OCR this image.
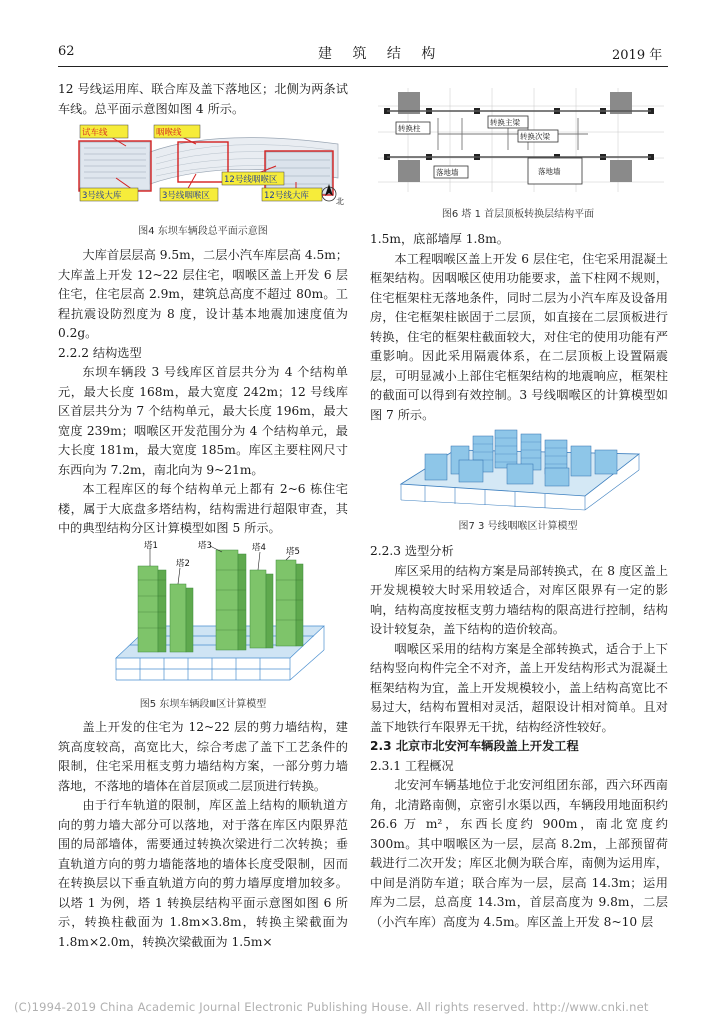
62	建 筑 结 构	2019 年

12 号线运用库、联合库及盖下落地区；北侧为两条试车线。总平面示意图如图 4 所示。

试车线	咽喉线
3号线大库	3号线咽喉区
12号线咽喉区
12号线大库
北
图4 东坝车辆段总平面示意图

大库首层层高 9.5m，二层小汽车库层高 4.5m；大库盖上开发 12~22 层住宅，咽喉区盖上开发 6 层住宅，住宅层高 2.9m，建筑总高度不超过 80m。工程抗震设防烈度为 8 度，设计基本地震加速度值为 0.2g。

2.2.2 结构选型

东坝车辆段 3 号线库区首层共分为 4 个结构单元，最大长度 168m，最大宽度 242m；12 号线库区首层共分为 7 个结构单元，最大长度 196m，最大宽度 239m；咽喉区开发范围分为 4 个结构单元，最大长度 181m，最大宽度 185m。库区主要柱网尺寸东西向为 7.2m，南北向为 9~21m。

本工程库区的每个结构单元上都有 2~6 栋住宅楼，属于大底盘多塔结构，结构需进行超限审查，其中的典型结构分区计算模型如图 5 所示。

塔1
塔2
塔3	塔4 塔5
图5 东坝车辆段Ⅲ区计算模型

盖上开发的住宅为 12~22 层的剪力墙结构，建筑高度较高，高宽比大，综合考虑了盖下工艺条件的限制，住宅采用框支剪力墙结构方案，一部分剪力墙落地，不落地的墙体在首层顶或二层顶进行转换。

由于行车轨道的限制，库区盖上结构的顺轨道方向的剪力墙大部分可以落地，对于落在库区内限界范围的局部墙体，需要通过转换次梁进行二次转换；垂直轨道方向的剪力墙能落地的墙体长度受限制，因而在转换层以下垂直轨道方向的剪力墙厚度增加较多。以塔 1 为例，塔 1 转换层结构平面示意图如图 6 所示，转换柱截面为 1.8m×3.8m，转换主梁截面为 1.8m×2.0m，转换次梁截面为 1.5m×

转换柱
转换主梁
转换次梁
落地墙	落地墙
图6 塔 1 首层顶板转换层结构平面

1.5m，底部墙厚 1.8m。

本工程咽喉区盖上开发 6 层住宅，住宅采用混凝土框架结构。因咽喉区使用功能要求，盖下柱网不规则，住宅框架柱无落地条件，同时二层为小汽车库及设备用房，住宅框架柱嵌固于二层顶，如直接在二层顶板进行转换，住宅的框架柱截面较大，对住宅的使用功能有严重影响。因此采用隔震体系，在二层顶板上设置隔震层，可明显减小上部住宅框架结构的地震响应，框架柱的截面可以得到有效控制。3 号线咽喉区的计算模型如图 7 所示。

图7 3 号线咽喉区计算模型

2.2.3 选型分析

库区采用的结构方案是局部转换式，在 8 度区盖上开发规模较大时采用较适合，对库区限界有一定的影响，结构高度按框支剪力墙结构的限高进行控制，结构设计较复杂，盖下结构的造价较高。

咽喉区采用的结构方案是全部转换式，适合于上下结构竖向构件完全不对齐，盖上开发结构形式为混凝土框架结构为宜，盖上开发规模较小，盖上结构高宽比不易过大，结构布置相对灵活，超限设计相对简单。且对盖下地铁行车限界无干扰，结构经济性较好。

2.3 北京市北安河车辆段盖上开发工程

2.3.1 工程概况

北安河车辆基地位于北安河组团东部，西六环西南角，北清路南侧，京密引水渠以西，车辆段用地面积约 26.6 万 m²，东西长度约 900m，南北宽度约 300m。其中咽喉区为一层，层高 8.2m，上部预留荷载进行二次开发；库区北侧为联合库，南侧为运用库，中间是消防车道；联合库为一层，层高 14.3m；运用库为二层，总高度 14.3m，首层高度为 9.8m，二层（小汽车库）高度为 4.5m。库区盖上开发 8~10 层

(C)1994-2019 China Academic Journal Electronic Publishing House. All rights reserved. http://www.cnki.net
